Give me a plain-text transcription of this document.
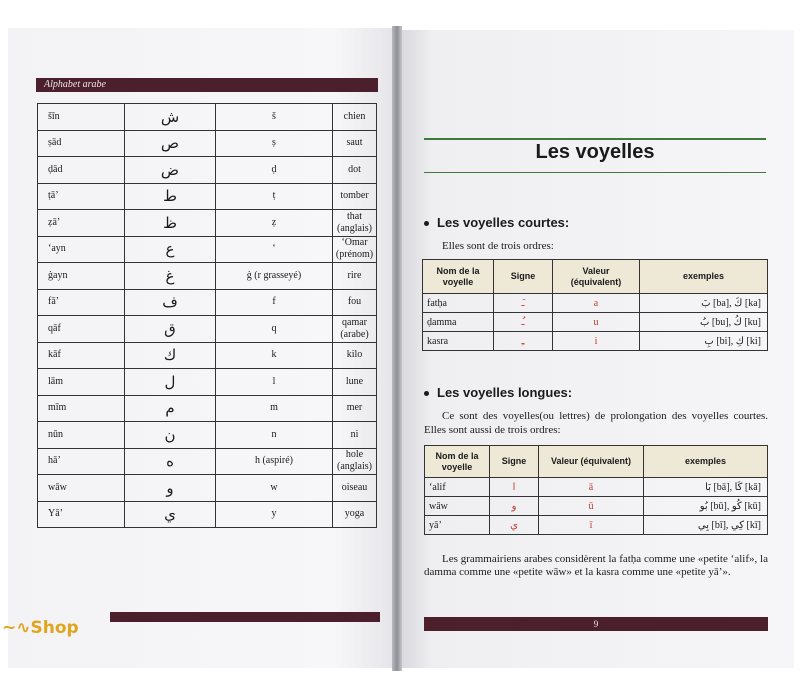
Alphabet arabe
šīn	ش	š	chien
ṣād	ص	ṣ	saut
ḍād	ض	ḍ	dot
ṭā’	ط	ṭ	tomber
ẓā’	ظ	ẓ	that (anglais)
‘ayn	ع	‘	‘Omar (prénom)
ġayn	غ	ġ (r grasseyé)	rire
fā’	ف	f	fou
qāf	ق	q	qamar (arabe)
kāf	ك	k	kilo
lām	ل	l	lune
mīm	م	m	mer
nūn	ن	n	ni
hā’	ه	h (aspiré)	hole (anglais)
wāw	و	w	oiseau
Yā’	ي	y	yoga
~∿Shop
Les voyelles
Les voyelles courtes:
Elles sont de trois ordres:
Nom de la voyelle	Signe	Valeur (équivalent)	exemples
fatḥa	َـ	a	بَ [ba], كَ [ka]
ḍamma	ُـ	u	بُ [bu], كُ [ku]
kasra	ـِ	i	بِ [bi], كِ [ki]
Les voyelles longues:
Ce sont des voyelles(ou lettres) de prolongation des voyelles courtes. Elles sont aussi de trois ordres:
Nom de la voyelle	Signe	Valeur (équivalent)	exemples
‘alif	ا	ā	بَا [bā], كَا [kā]
wāw	و	ū	بُو [bū], كُو [kū]
yā’	ي	ī	بِي [bī], كِي [kī]
Les grammairiens arabes considèrent la fatḥa comme une «petite ‘alif», la damma comme une «petite wāw» et la kasra comme une «petite yā’».
9
